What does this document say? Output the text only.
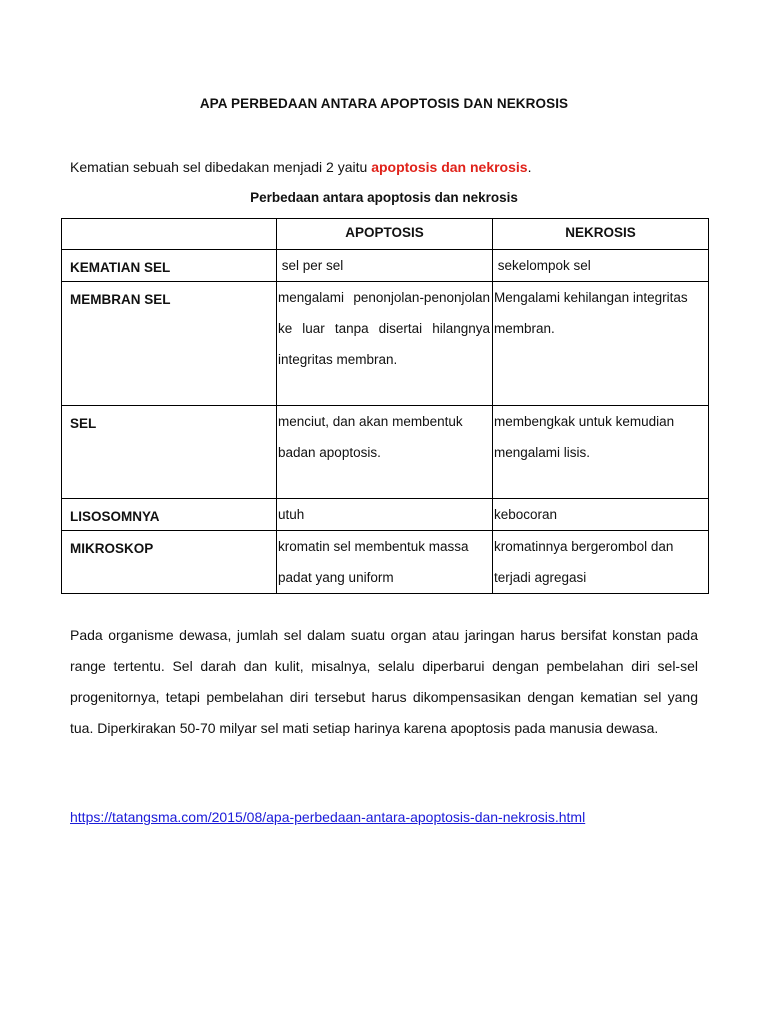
APA PERBEDAAN ANTARA APOPTOSIS DAN NEKROSIS
Kematian sebuah sel dibedakan menjadi 2 yaitu apoptosis dan nekrosis.
Perbedaan antara apoptosis dan nekrosis
	APOPTOSIS	NEKROSIS
KEMATIAN SEL	sel per sel	sekelompok sel
MEMBRAN SEL	mengalami penonjolan-penonjolan ke luar tanpa disertai hilangnya integritas membran.	Mengalami kehilangan integritas membran.
SEL	menciut, dan akan membentuk badan apoptosis.	membengkak untuk kemudian mengalami lisis.
LISOSOMNYA	utuh	kebocoran
MIKROSKOP	kromatin sel membentuk massa padat yang uniform	kromatinnya bergerombol dan terjadi agregasi
Pada organisme dewasa, jumlah sel dalam suatu organ atau jaringan harus bersifat konstan pada range tertentu. Sel darah dan kulit, misalnya, selalu diperbarui dengan pembelahan diri sel-sel progenitornya, tetapi pembelahan diri tersebut harus dikompensasikan dengan kematian sel yang tua. Diperkirakan 50-70 milyar sel mati setiap harinya karena apoptosis pada manusia dewasa.
https://tatangsma.com/2015/08/apa-perbedaan-antara-apoptosis-dan-nekrosis.html
